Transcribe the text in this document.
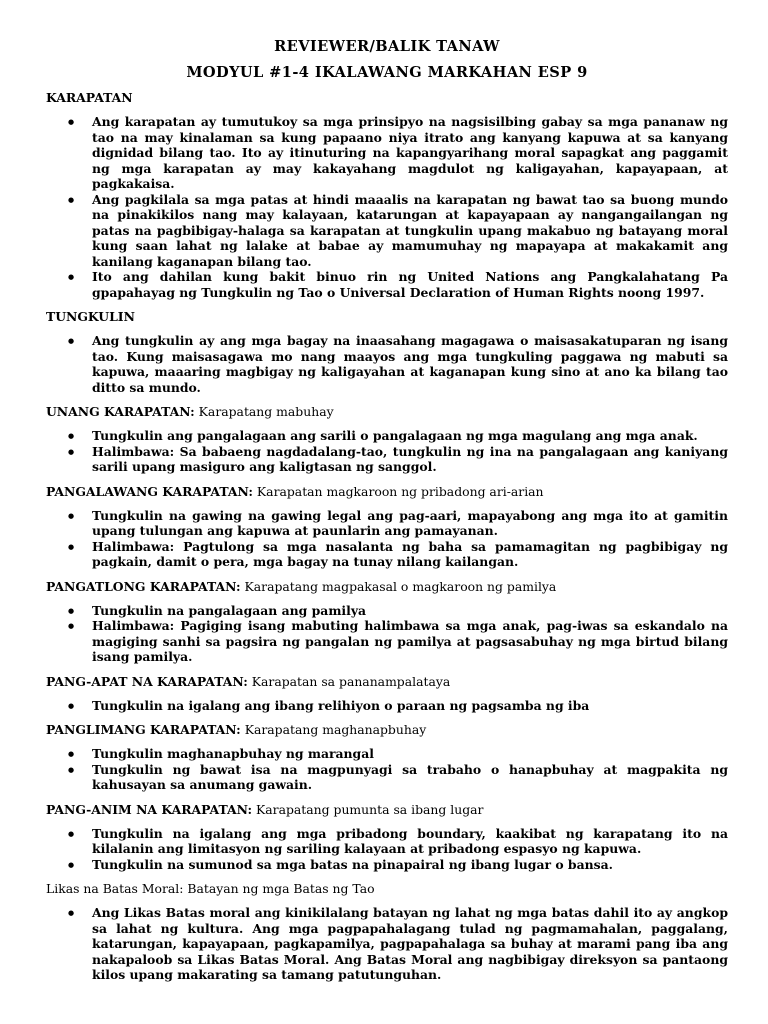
REVIEWER/BALIK TANAW
MODYUL #1-4 IKALAWANG MARKAHAN ESP 9

KARAPATAN

● Ang karapatan ay tumutukoy sa mga prinsipyo na nagsisilbing gabay sa mga pananaw ng tao na may kinalaman sa kung papaano niya itrato ang kanyang kapuwa at sa kanyang dignidad bilang tao. Ito ay itinuturing na kapangyarihang moral sapagkat ang paggamit ng mga karapatan ay may kakayahang magdulot ng kaligayahan, kapayapaan, at pagkakaisa.
● Ang pagkilala sa mga patas at hindi maaalis na karapatan ng bawat tao sa buong mundo na pinakikilos nang may kalayaan, katarungan at kapayapaan ay nangangailangan ng patas na pagbibigay-halaga sa karapatan at tungkulin upang makabuo ng batayang moral kung saan lahat ng lalake at babae ay mamumuhay ng mapayapa at makakamit ang kanilang kaganapan bilang tao.
● Ito ang dahilan kung bakit binuo rin ng United Nations ang Pangkalahatang Pa gpapahayag ng Tungkulin ng Tao o Universal Declaration of Human Rights noong 1997.

TUNGKULIN

● Ang tungkulin ay ang mga bagay na inaasahang magagawa o maisasakatuparan ng isang tao. Kung maisasagawa mo nang maayos ang mga tungkuling paggawa ng mabuti sa kapuwa, maaaring magbigay ng kaligayahan at kaganapan kung sino at ano ka bilang tao ditto sa mundo.

UNANG KARAPATAN: Karapatang mabuhay

● Tungkulin ang pangalagaan ang sarili o pangalagaan ng mga magulang ang mga anak.
● Halimbawa: Sa babaeng nagdadalang-tao, tungkulin ng ina na pangalagaan ang kaniyang sarili upang masiguro ang kaligtasan ng sanggol.

PANGALAWANG KARAPATAN: Karapatan magkaroon ng pribadong ari-arian

● Tungkulin na gawing na gawing legal ang pag-aari, mapayabong ang mga ito at gamitin upang tulungan ang kapuwa at paunlarin ang pamayanan.
● Halimbawa: Pagtulong sa mga nasalanta ng baha sa pamamagitan ng pagbibigay ng pagkain, damit o pera, mga bagay na tunay nilang kailangan.

PANGATLONG KARAPATAN: Karapatang magpakasal o magkaroon ng pamilya

● Tungkulin na pangalagaan ang pamilya
● Halimbawa: Pagiging isang mabuting halimbawa sa mga anak, pag-iwas sa eskandalo na magiging sanhi sa pagsira ng pangalan ng pamilya at pagsasabuhay ng mga birtud bilang isang pamilya.

PANG-APAT NA KARAPATAN: Karapatan sa pananampalataya

● Tungkulin na igalang ang ibang relihiyon o paraan ng pagsamba ng iba

PANGLIMANG KARAPATAN: Karapatang maghanapbuhay

● Tungkulin maghanapbuhay ng marangal
● Tungkulin ng bawat isa na magpunyagi sa trabaho o hanapbuhay at magpakita ng kahusayan sa anumang gawain.

PANG-ANIM NA KARAPATAN: Karapatang pumunta sa ibang lugar

● Tungkulin na igalang ang mga pribadong boundary, kaakibat ng karapatang ito na kilalanin ang limitasyon ng sariling kalayaan at pribadong espasyo ng kapuwa.
● Tungkulin na sumunod sa mga batas na pinapairal ng ibang lugar o bansa.

Likas na Batas Moral: Batayan ng mga Batas ng Tao

● Ang Likas Batas moral ang kinikilalang batayan ng lahat ng mga batas dahil ito ay angkop sa lahat ng kultura. Ang mga pagpapahalagang tulad ng pagmamahalan, paggalang, katarungan, kapayapaan, pagkapamilya, pagpapahalaga sa buhay at marami pang iba ang nakapaloob sa Likas Batas Moral. Ang Batas Moral ang nagbibigay direksyon sa pantaong kilos upang makarating sa tamang patutunguhan.
